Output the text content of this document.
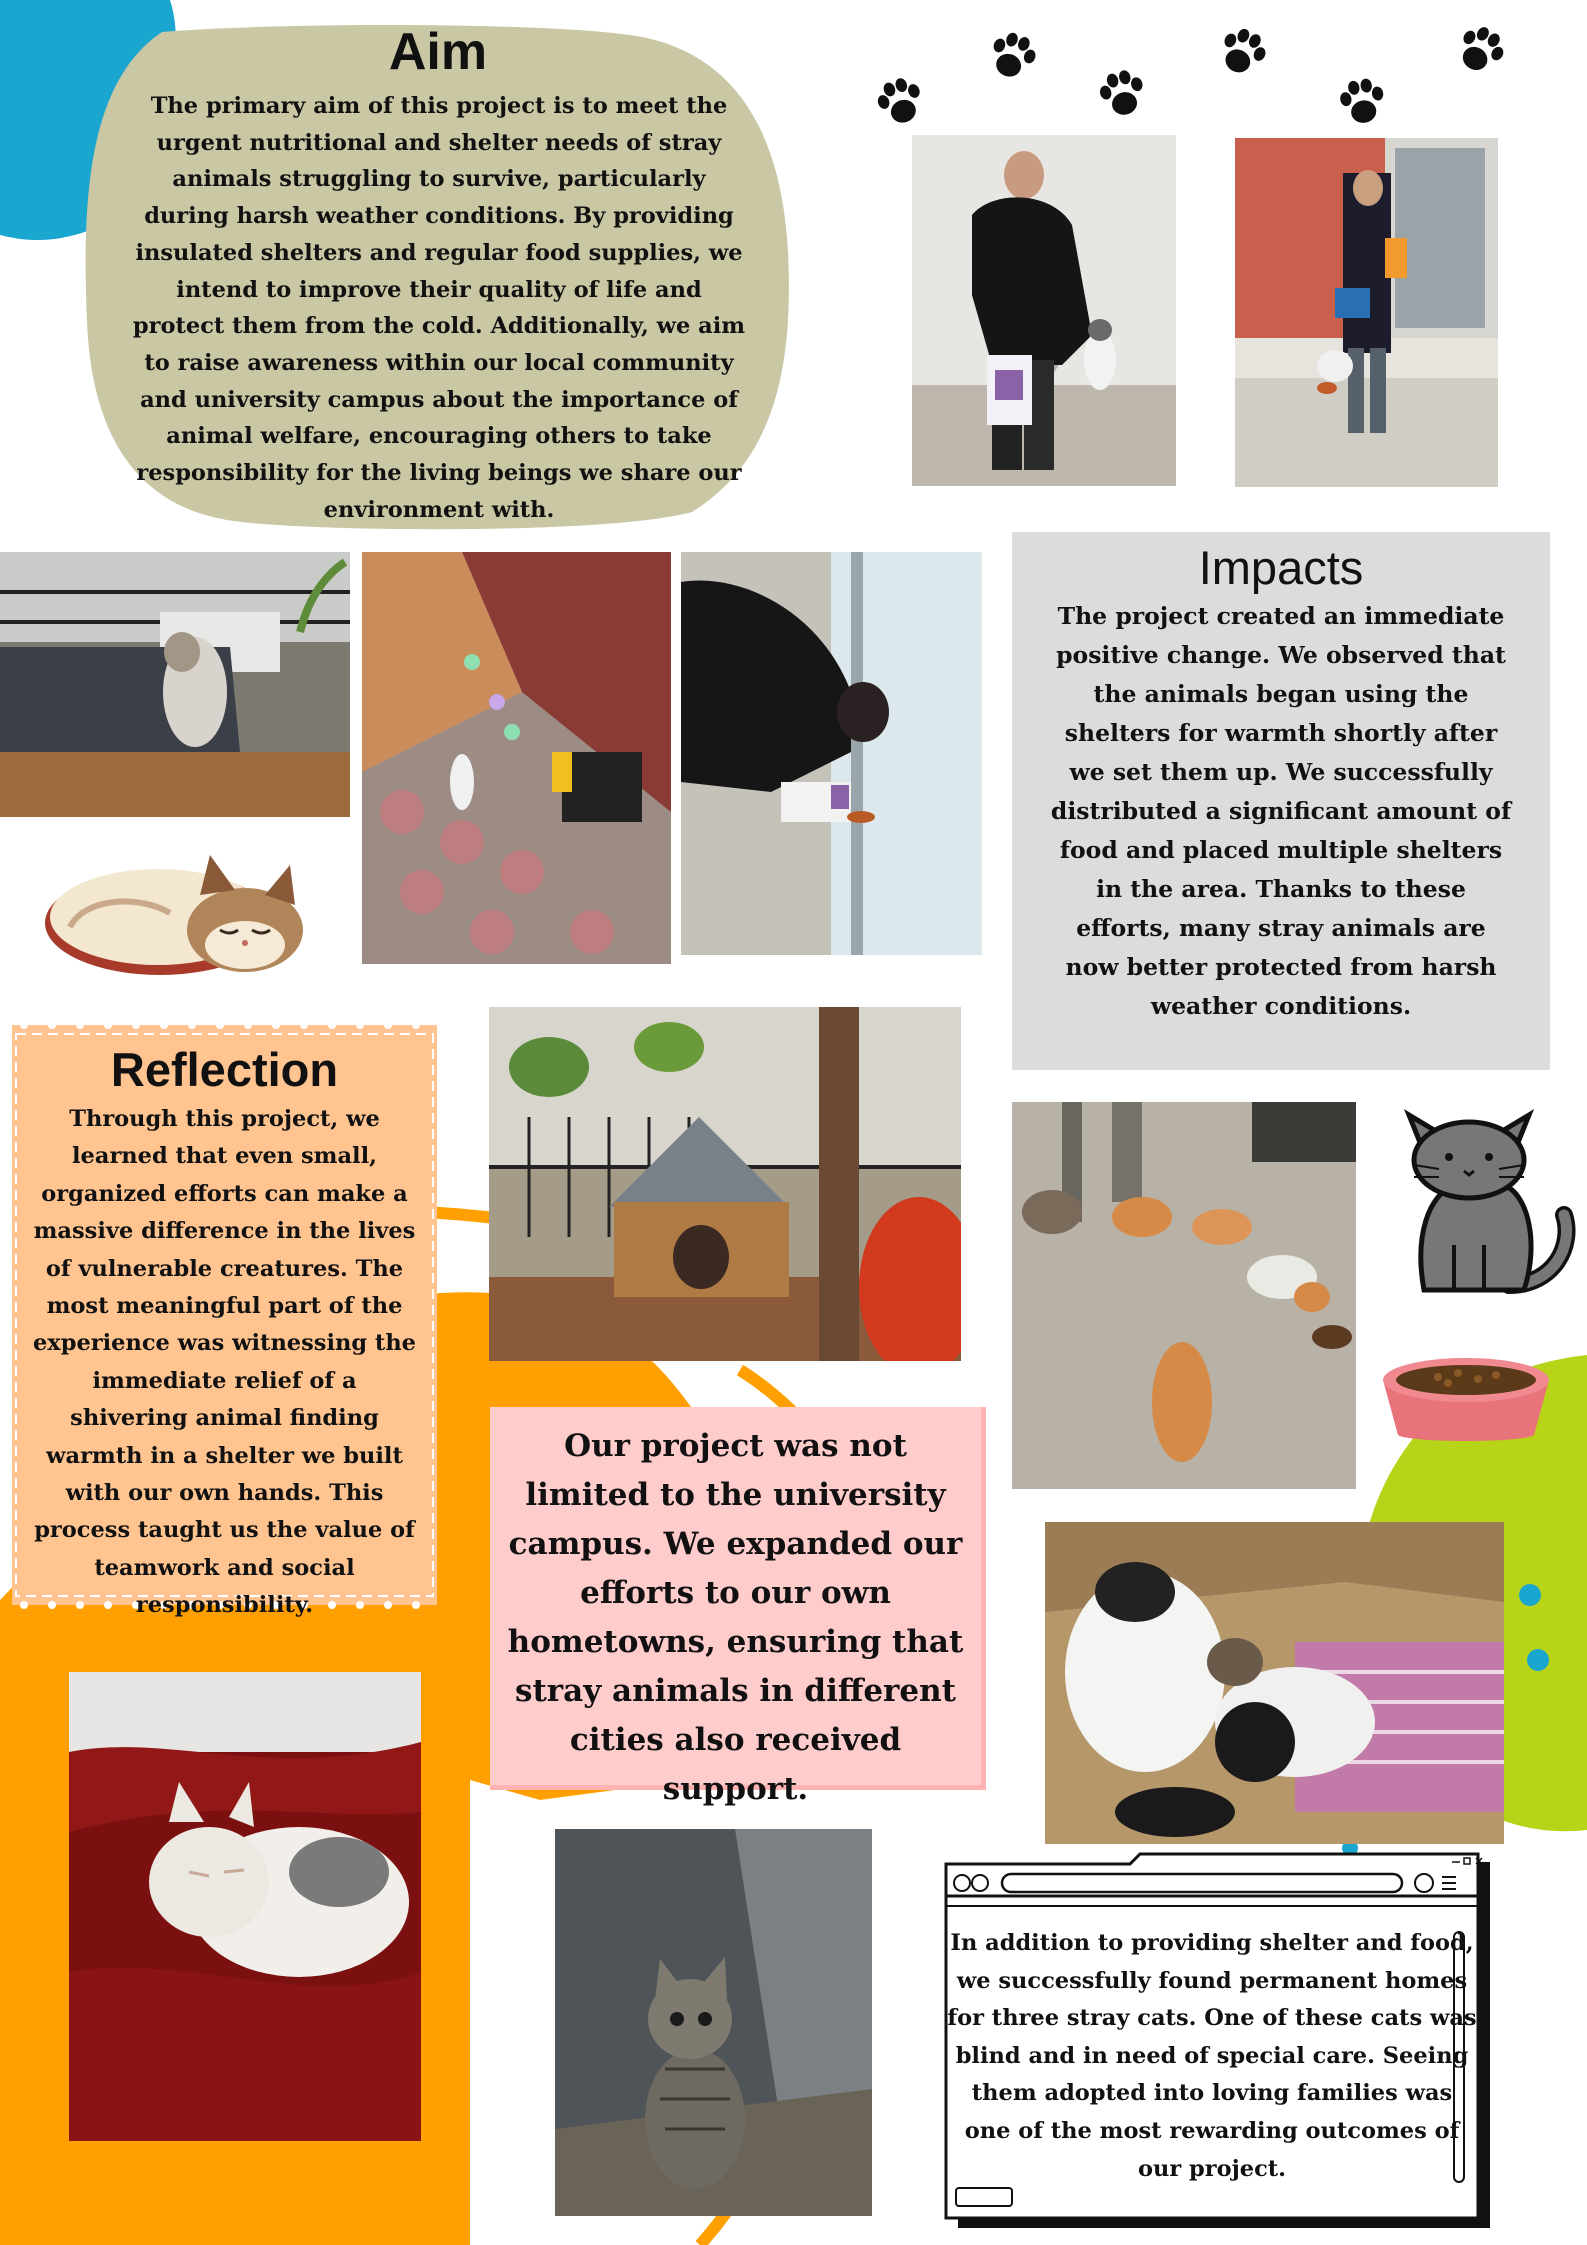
Aim
The primary aim of this project is to meet the urgent nutritional and shelter needs of stray animals struggling to survive, particularly during harsh weather conditions. By providing insulated shelters and regular food supplies, we intend to improve their quality of life and protect them from the cold. Additionally, we aim to raise awareness within our local community and university campus about the importance of animal welfare, encouraging others to take responsibility for the living beings we share our environment with.
Impacts
The project created an immediate positive change. We observed that the animals began using the shelters for warmth shortly after we set them up. We successfully distributed a significant amount of food and placed multiple shelters in the area. Thanks to these efforts, many stray animals are now better protected from harsh weather conditions.
Reflection
Through this project, we learned that even small, organized efforts can make a massive difference in the lives of vulnerable creatures. The most meaningful part of the experience was witnessing the immediate relief of a shivering animal finding warmth in a shelter we built with our own hands. This process taught us the value of teamwork and social responsibility.
Our project was not limited to the university campus. We expanded our efforts to our own hometowns, ensuring that stray animals in different cities also received support.
In addition to providing shelter and food, we successfully found permanent homes for three stray cats. One of these cats was blind and in need of special care. Seeing them adopted into loving families was one of the most rewarding outcomes of our project.
